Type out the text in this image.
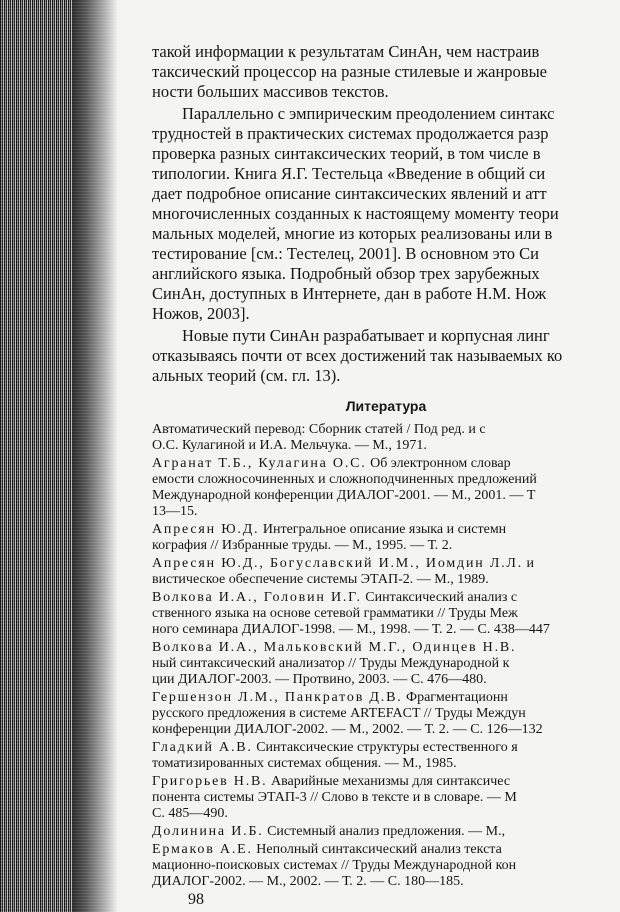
такой информации к результатам СинАн, чем настраив
таксический процессор на разные стилевые и жанровые
ности больших массивов текстов.
Параллельно с эмпирическим преодолением синтакс
трудностей в практических системах продолжается разр
проверка разных синтаксических теорий, в том числе в
типологии. Книга Я.Г. Тестельца «Введение в общий си
дает подробное описание синтаксических явлений и атт
многочисленных созданных к настоящему моменту теори
мальных моделей, многие из которых реализованы или в
тестирование [см.: Тестелец, 2001]. В основном это Си
английского языка. Подробный обзор трех зарубежных
СинАн, доступных в Интернете, дан в работе Н.М. Нож
Ножов, 2003].
Новые пути СинАн разрабатывает и корпусная линг
отказываясь почти от всех достижений так называемых ко
альных теорий (см. гл. 13).
Литература
Автоматический перевод: Сборник статей / Под ред. и с
О.С. Кулагиной и И.А. Мельчука. — М., 1971.
Агранат Т.Б., Кулагина О.С. Об электронном словар
емости сложносочиненных и сложноподчиненных предложений
Международной конференции ДИАЛОГ-2001. — М., 2001. — Т
13—15.
Апресян Ю.Д. Интегральное описание языка и системн
кография // Избранные труды. — М., 1995. — Т. 2.
Апресян Ю.Д., Богуславский И.М., Иомдин Л.Л. и
вистическое обеспечение системы ЭТАП-2. — М., 1989.
Волкова И.А., Головин И.Г. Синтаксический анализ с
ственного языка на основе сетевой грамматики // Труды Меж
ного семинара ДИАЛОГ-1998. — М., 1998. — Т. 2. — С. 438—447
Волкова И.А., Мальковский М.Г., Одинцев Н.В.
ный синтаксический анализатор // Труды Международной к
ции ДИАЛОГ-2003. — Протвино, 2003. — С. 476—480.
Гершензон Л.М., Панкратов Д.В. Фрагментационн
русского предложения в системе ARTEFACT // Труды Междун
конференции ДИАЛОГ-2002. — М., 2002. — Т. 2. — С. 126—132
Гладкий А.В. Синтаксические структуры естественного я
томатизированных системах общения. — М., 1985.
Григорьев Н.В. Аварийные механизмы для синтаксичес
понента системы ЭТАП-3 // Слово в тексте и в словаре. — М
98
С. 485—490.
Долинина И.Б. Системный анализ предложения. — М.,
Ермаков А.Е. Неполный синтаксический анализ текста
мационно-поисковых системах // Труды Международной кон
ДИАЛОГ-2002. — М., 2002. — Т. 2. — С. 180—185.
